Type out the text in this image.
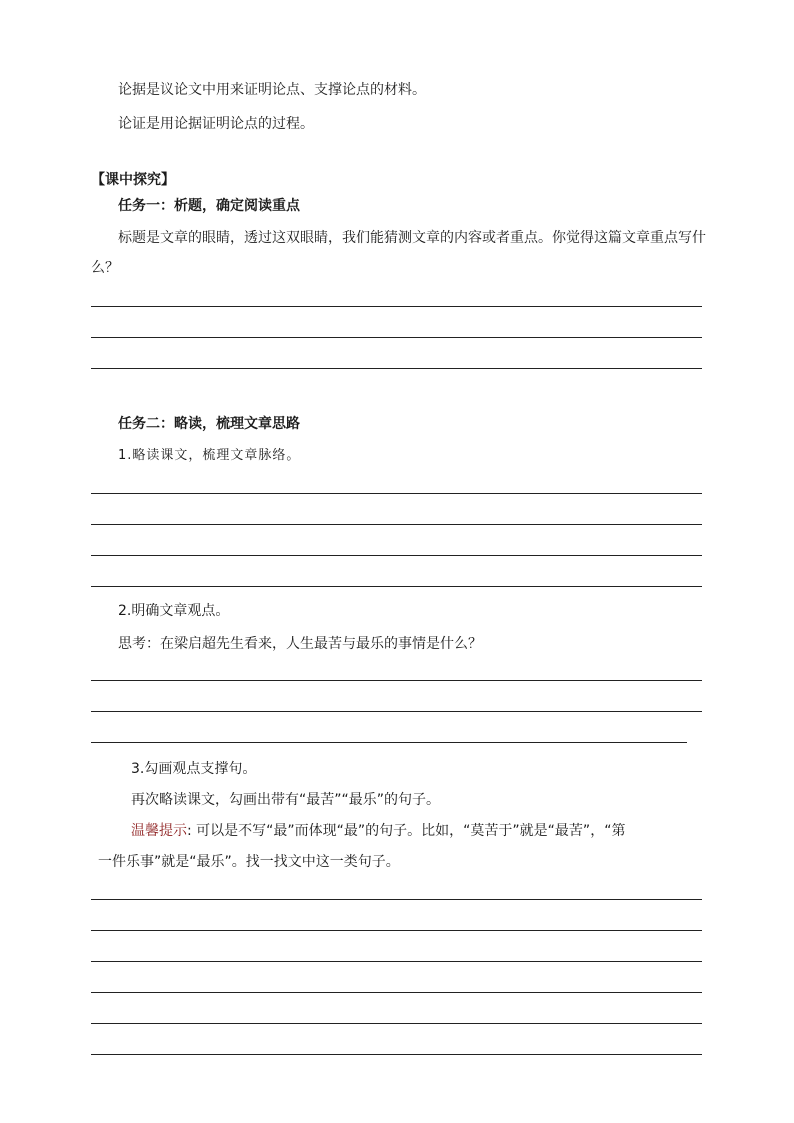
论据是议论文中用来证明论点、支撑论点的材料。
论证是用论据证明论点的过程。
【课中探究】
任务一：析题，确定阅读重点
标题是文章的眼睛，透过这双眼睛，我们能猜测文章的内容或者重点。你觉得这篇文章重点写什
么？
任务二：略读，梳理文章思路
1.略读课文，梳理文章脉络。
2.明确文章观点。
思考：在梁启超先生看来，人生最苦与最乐的事情是什么？
3.勾画观点支撑句。
再次略读课文，勾画出带有“最苦”“最乐”的句子。
温馨提示: 可以是不写“最”而体现“最”的句子。比如，“莫苦于”就是“最苦”，“第
一件乐事”就是“最乐”。找一找文中这一类句子。
